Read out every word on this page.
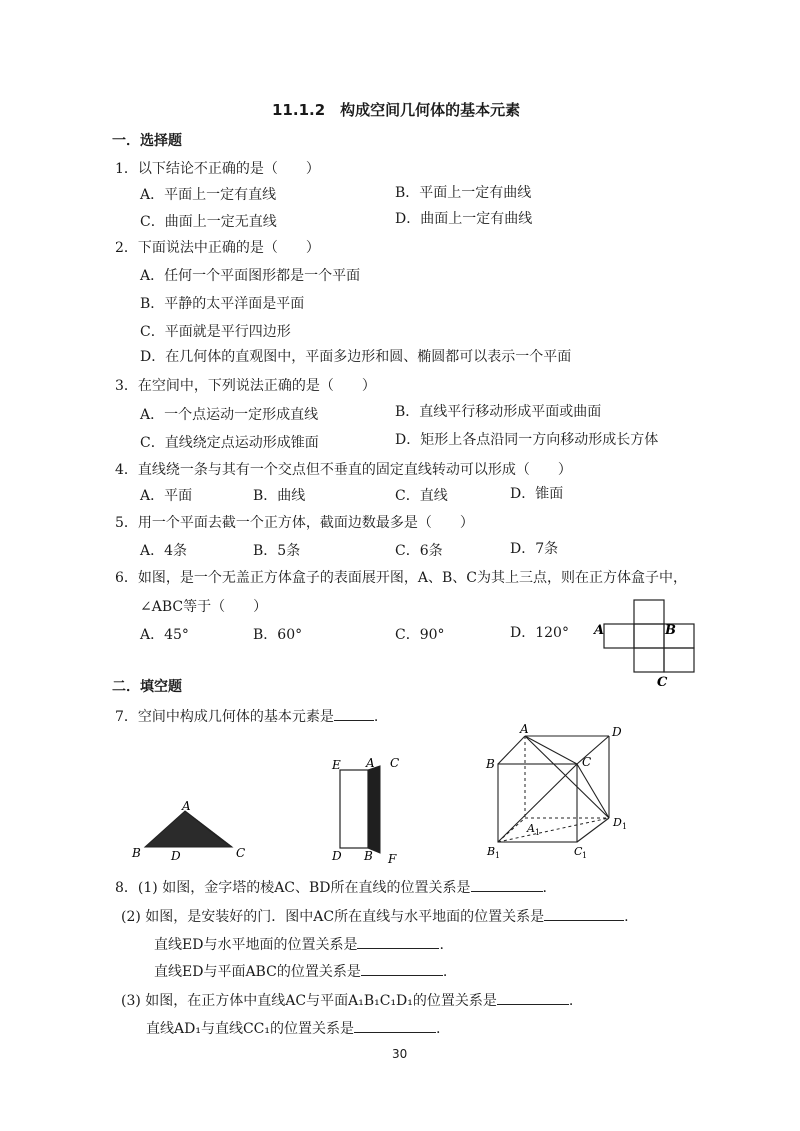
11.1.2　构成空间几何体的基本元素
一．选择题
1．以下结论不正确的是（　　）
A．平面上一定有直线	B．平面上一定有曲线
C．曲面上一定无直线	D．曲面上一定有曲线
2．下面说法中正确的是（　　）
A．任何一个平面图形都是一个平面
B．平静的太平洋面是平面
C．平面就是平行四边形
D．在几何体的直观图中，平面多边形和圆、椭圆都可以表示一个平面
3．在空间中，下列说法正确的是（　　）
A．一个点运动一定形成直线	B．直线平行移动形成平面或曲面
C．直线绕定点运动形成锥面	D．矩形上各点沿同一方向移动形成长方体
4．直线绕一条与其有一个交点但不垂直的固定直线转动可以形成（　　）
A．平面	B．曲线	C．直线	D．锥面
5．用一个平面去截一个正方体，截面边数最多是（　　）
A．4条	B．5条	C．6条	D．7条
6．如图，是一个无盖正方体盒子的表面展开图，A、B、C为其上三点，则在正方体盒子中，
∠ABC等于（　　）
A．45°	B．60°	C．90°	D．120° A	B
C
二．填空题
7．空间中构成几何体的基本元素是	.
A
B	D	C
E A C
D B F
A	D
B	C
A 1
D 1
B 1	C 1
8．(1) 如图，金字塔的棱AC、BD所在直线的位置关系是	.
(2) 如图，是安装好的门．图中AC所在直线与水平地面的位置关系是	.
直线ED与水平地面的位置关系是	.
直线ED与平面ABC的位置关系是	.
(3) 如图，在正方体中直线AC与平面A₁B₁C₁D₁的位置关系是	.
直线AD₁与直线CC₁的位置关系是	.
30
